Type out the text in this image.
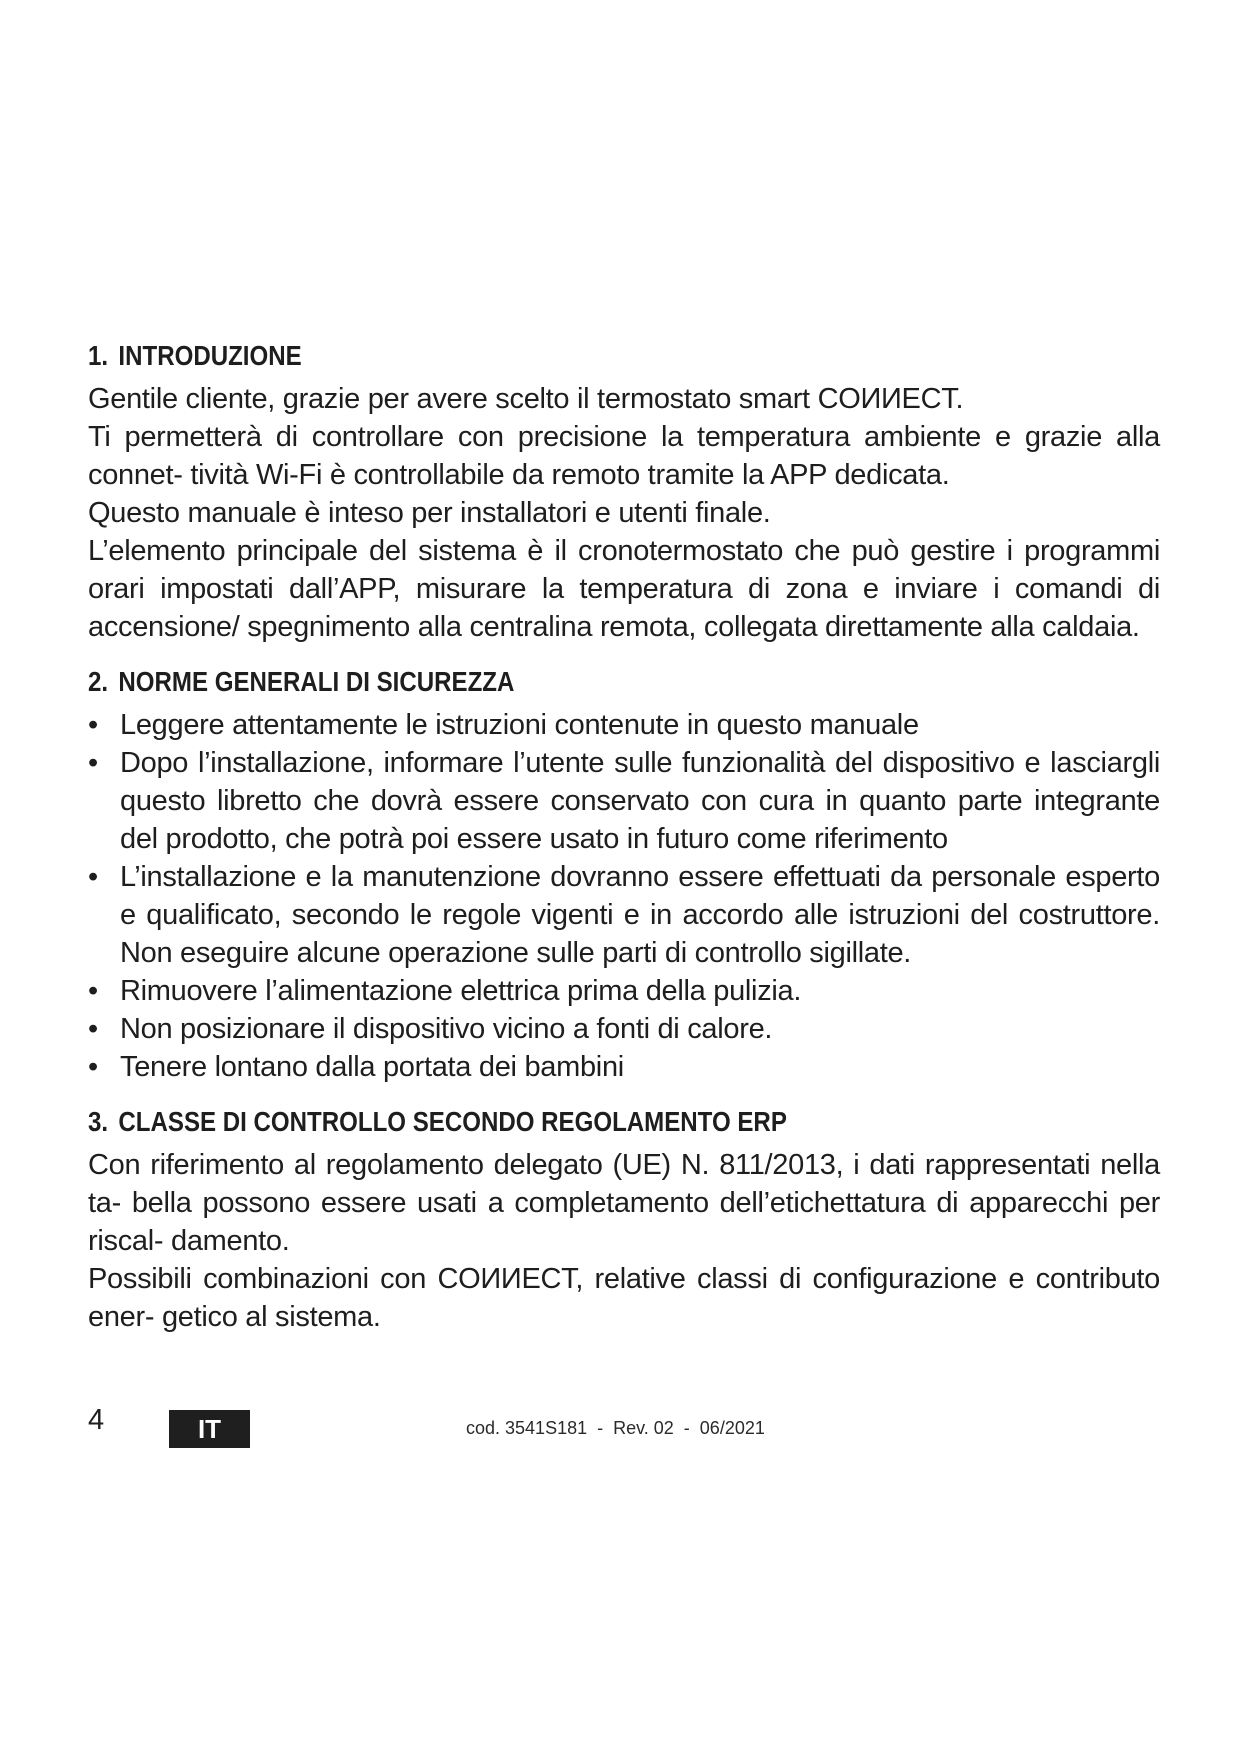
1. INTRODUZIONE

Gentile cliente, grazie per avere scelto il termostato smart COИИECT.

Ti permetterà di controllare con precisione la temperatura ambiente e grazie alla connet- tività Wi-Fi è controllabile da remoto tramite la APP dedicata.

Questo manuale è inteso per installatori e utenti finale.

L’elemento principale del sistema è il cronotermostato che può gestire i programmi orari impostati dall’APP, misurare la temperatura di zona e inviare i comandi di accensione/ spegnimento alla centralina remota, collegata direttamente alla caldaia.

2. NORME GENERALI DI SICUREZZA
• Leggere attentamente le istruzioni contenute in questo manuale
• Dopo l’installazione, informare l’utente sulle funzionalità del dispositivo e lasciargli questo libretto che dovrà essere conservato con cura in quanto parte integrante del prodotto, che potrà poi essere usato in futuro come riferimento
• L’installazione e la manutenzione dovranno essere effettuati da personale esperto e qualificato, secondo le regole vigenti e in accordo alle istruzioni del costruttore. Non eseguire alcune operazione sulle parti di controllo sigillate.
• Rimuovere l’alimentazione elettrica prima della pulizia.
• Non posizionare il dispositivo vicino a fonti di calore.
• Tenere lontano dalla portata dei bambini
3. CLASSE DI CONTROLLO SECONDO REGOLAMENTO ERP

Con riferimento al regolamento delegato (UE) N. 811/2013, i dati rappresentati nella ta- bella possono essere usati a completamento dell’etichettatura di apparecchi per riscal- damento.

Possibili combinazioni con COИИECT, relative classi di configurazione e contributo ener- getico al sistema.

4	IT	cod. 3541S181  -  Rev. 02  -  06/2021
